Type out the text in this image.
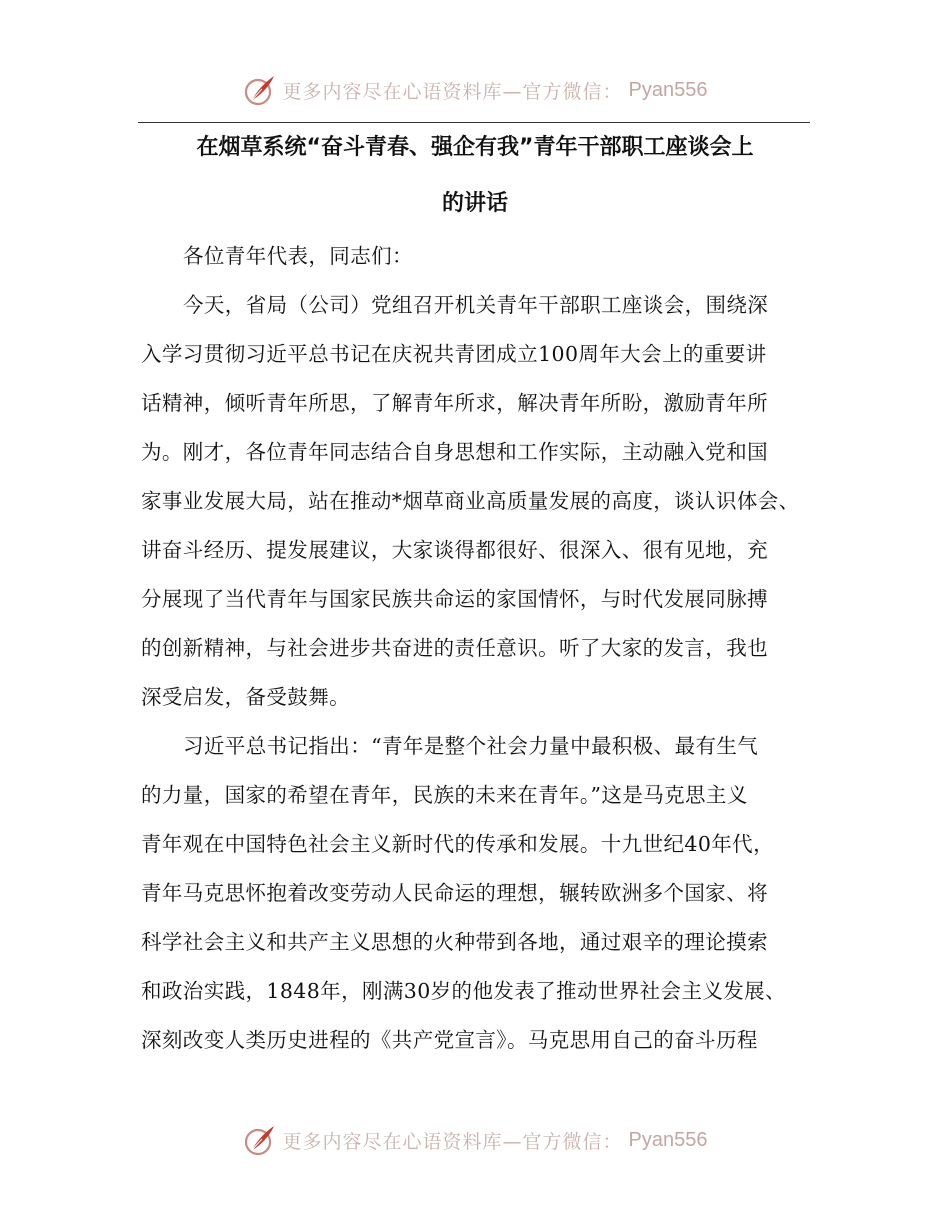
更多内容尽在心语资料库—官方微信： Pyan556
在烟草系统“奋斗青春、强企有我”青年干部职工座谈会上
的讲话
各位青年代表，同志们：
今天，省局（公司）党组召开机关青年干部职工座谈会，围绕深
入学习贯彻习近平总书记在庆祝共青团成立100周年大会上的重要讲
话精神，倾听青年所思，了解青年所求，解决青年所盼，激励青年所
为。刚才，各位青年同志结合自身思想和工作实际，主动融入党和国
家事业发展大局，站在推动*烟草商业高质量发展的高度，谈认识体会、
讲奋斗经历、提发展建议，大家谈得都很好、很深入、很有见地，充
分展现了当代青年与国家民族共命运的家国情怀，与时代发展同脉搏
的创新精神，与社会进步共奋进的责任意识。听了大家的发言，我也
深受启发，备受鼓舞。
习近平总书记指出：“青年是整个社会力量中最积极、最有生气
的力量，国家的希望在青年，民族的未来在青年。”这是马克思主义
青年观在中国特色社会主义新时代的传承和发展。十九世纪40年代，
青年马克思怀抱着改变劳动人民命运的理想，辗转欧洲多个国家、将
科学社会主义和共产主义思想的火种带到各地，通过艰辛的理论摸索
和政治实践，1848年，刚满30岁的他发表了推动世界社会主义发展、
深刻改变人类历史进程的《共产党宣言》。马克思用自己的奋斗历程
更多内容尽在心语资料库—官方微信： Pyan556
